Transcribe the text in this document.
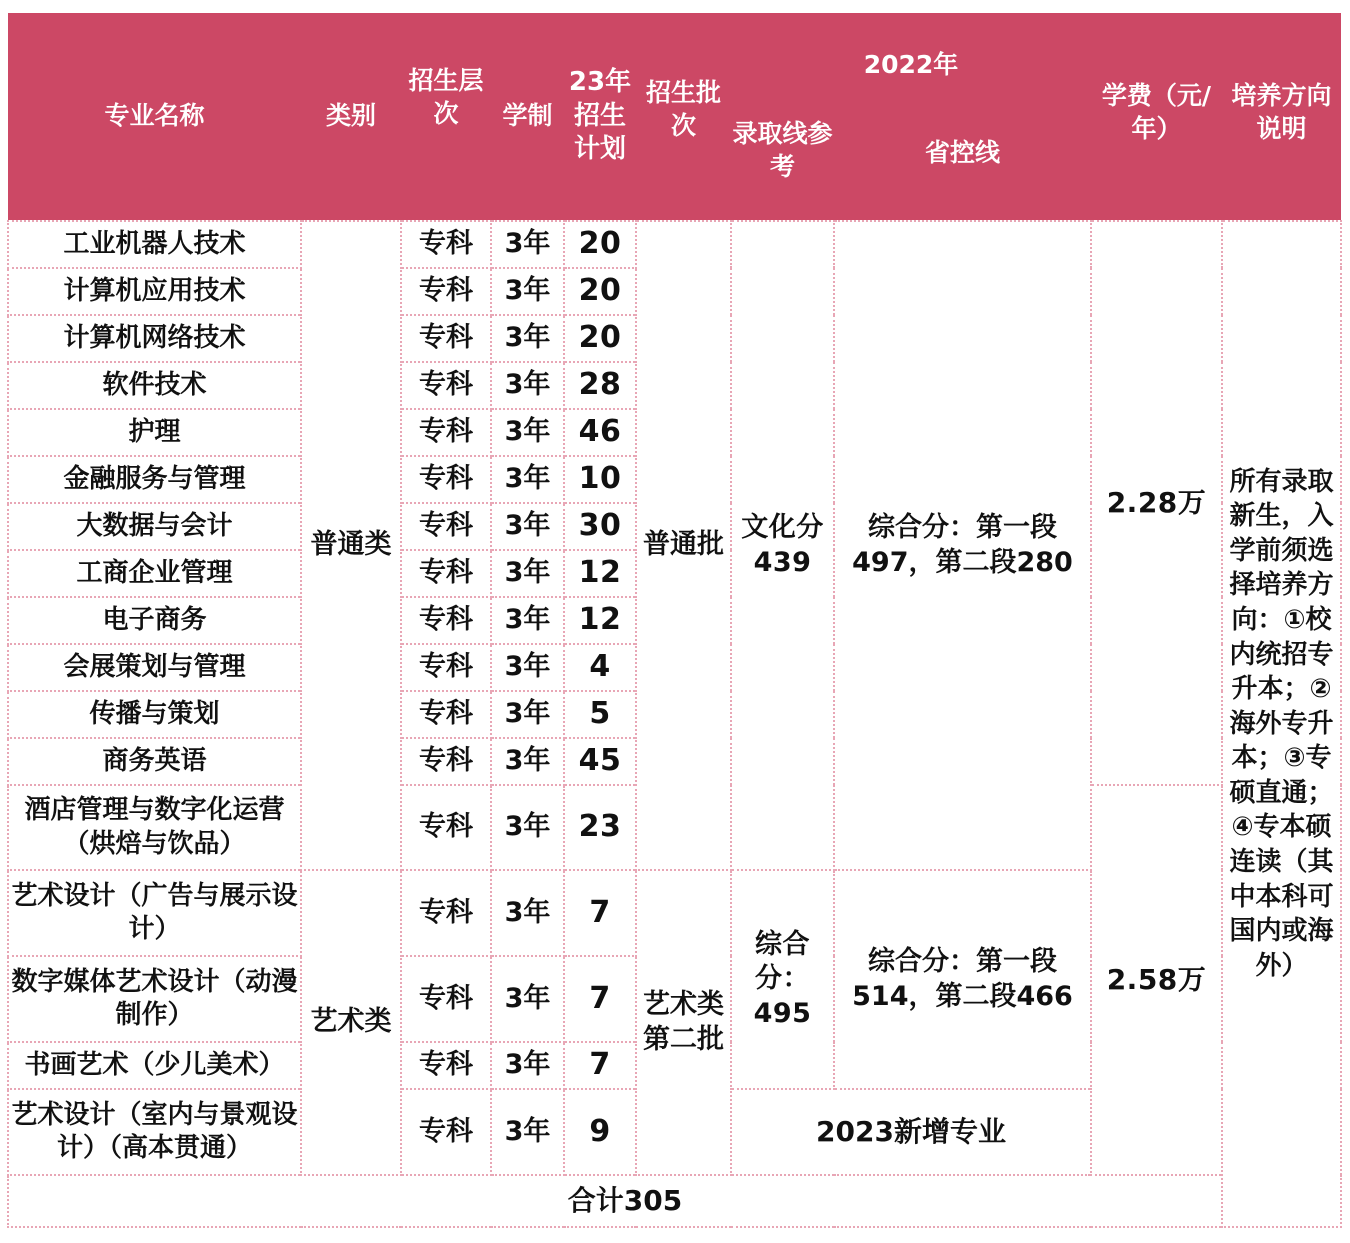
专业名称	类别	招生层次	学制	23年招生计划	招生批次	2022年		学费（元/年）	培养方向说明
						录取线参考	省控线		
工业机器人技术	普通类	专科	3年	20	普通批	文化分439	综合分：第一段497，第二段280	2.28万	所有录取新生，入学前须选择培养方向：①校内统招专升本；②海外专升本；③专硕直通；④专本硕连读（其中本科可国内或海外）
计算机应用技术		专科	3年	20					
计算机网络技术		专科	3年	20					
软件技术		专科	3年	28					
护理		专科	3年	46					
金融服务与管理		专科	3年	10					
大数据与会计		专科	3年	30					
工商企业管理		专科	3年	12					
电子商务		专科	3年	12					
会展策划与管理		专科	3年	4					
传播与策划		专科	3年	5					
商务英语		专科	3年	45					
酒店管理与数字化运营（烘焙与饮品）		专科	3年	23				2.58万	
艺术设计（广告与展示设计）	艺术类	专科	3年	7	艺术类第二批	综合分：495	综合分：第一段514，第二段466		
数字媒体艺术设计（动漫制作）		专科	3年	7					
书画艺术（少儿美术）		专科	3年	7					
艺术设计（室内与景观设计）（高本贯通）		专科	3年	9		2023新增专业			
合计305									
